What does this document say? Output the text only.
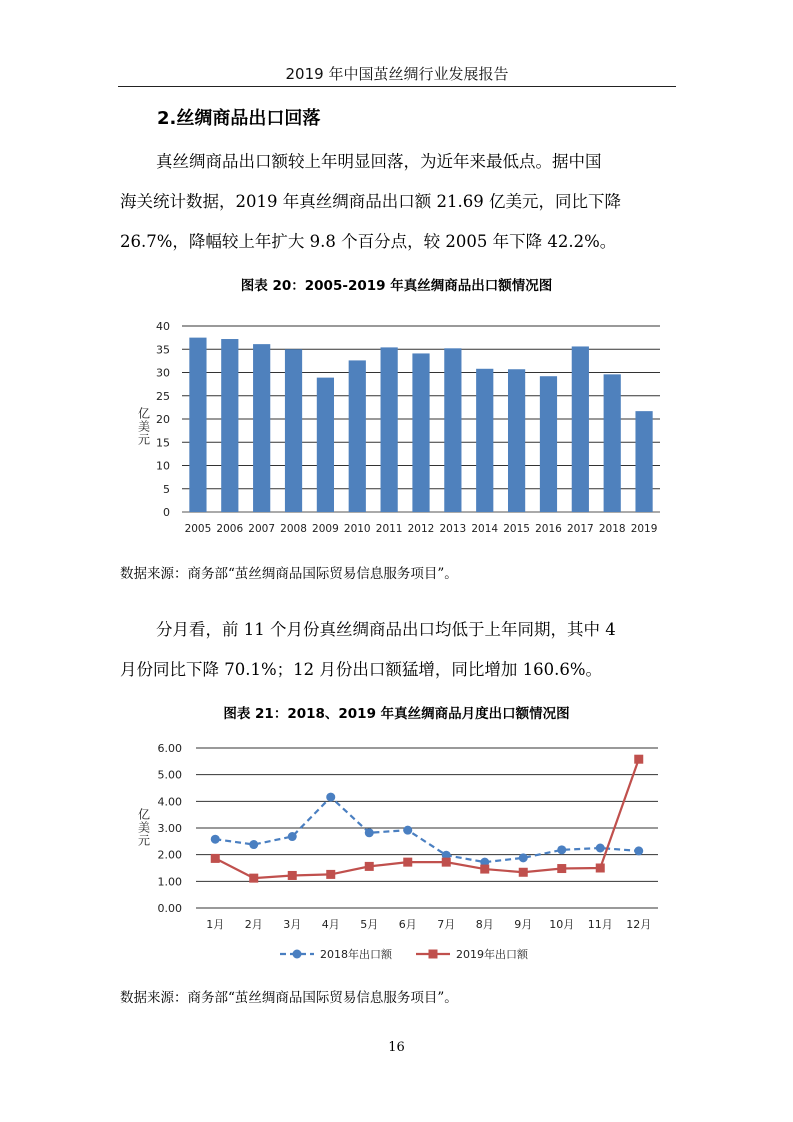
2019 年中国茧丝绸行业发展报告
2.丝绸商品出口回落
真丝绸商品出口额较上年明显回落，为近年来最低点。据中国
海关统计数据，2019 年真丝绸商品出口额 21.69 亿美元，同比下降
26.7%，降幅较上年扩大 9.8 个百分点，较 2005 年下降 42.2%。
图表 20：2005-2019 年真丝绸商品出口额情况图
0
5
10
15
20
25
30
35
40
2005 2006 2007 2008 2009 2010 2011 2012 2013 2014 2015 2016 2017 2018 2019
亿
美
元
数据来源：商务部“茧丝绸商品国际贸易信息服务项目”。
分月看，前 11 个月份真丝绸商品出口均低于上年同期，其中 4
月份同比下降 70.1%；12 月份出口额猛增，同比增加 160.6%。
图表 21：2018、2019 年真丝绸商品月度出口额情况图
0.00
1.00
2.00
3.00
4.00
5.00
6.00
1月 2月 3月 4月 5月 6月 7月 8月 9月 10月 11月 12月
亿
美
元
2018年出口额	2019年出口额
数据来源：商务部“茧丝绸商品国际贸易信息服务项目”。
16
